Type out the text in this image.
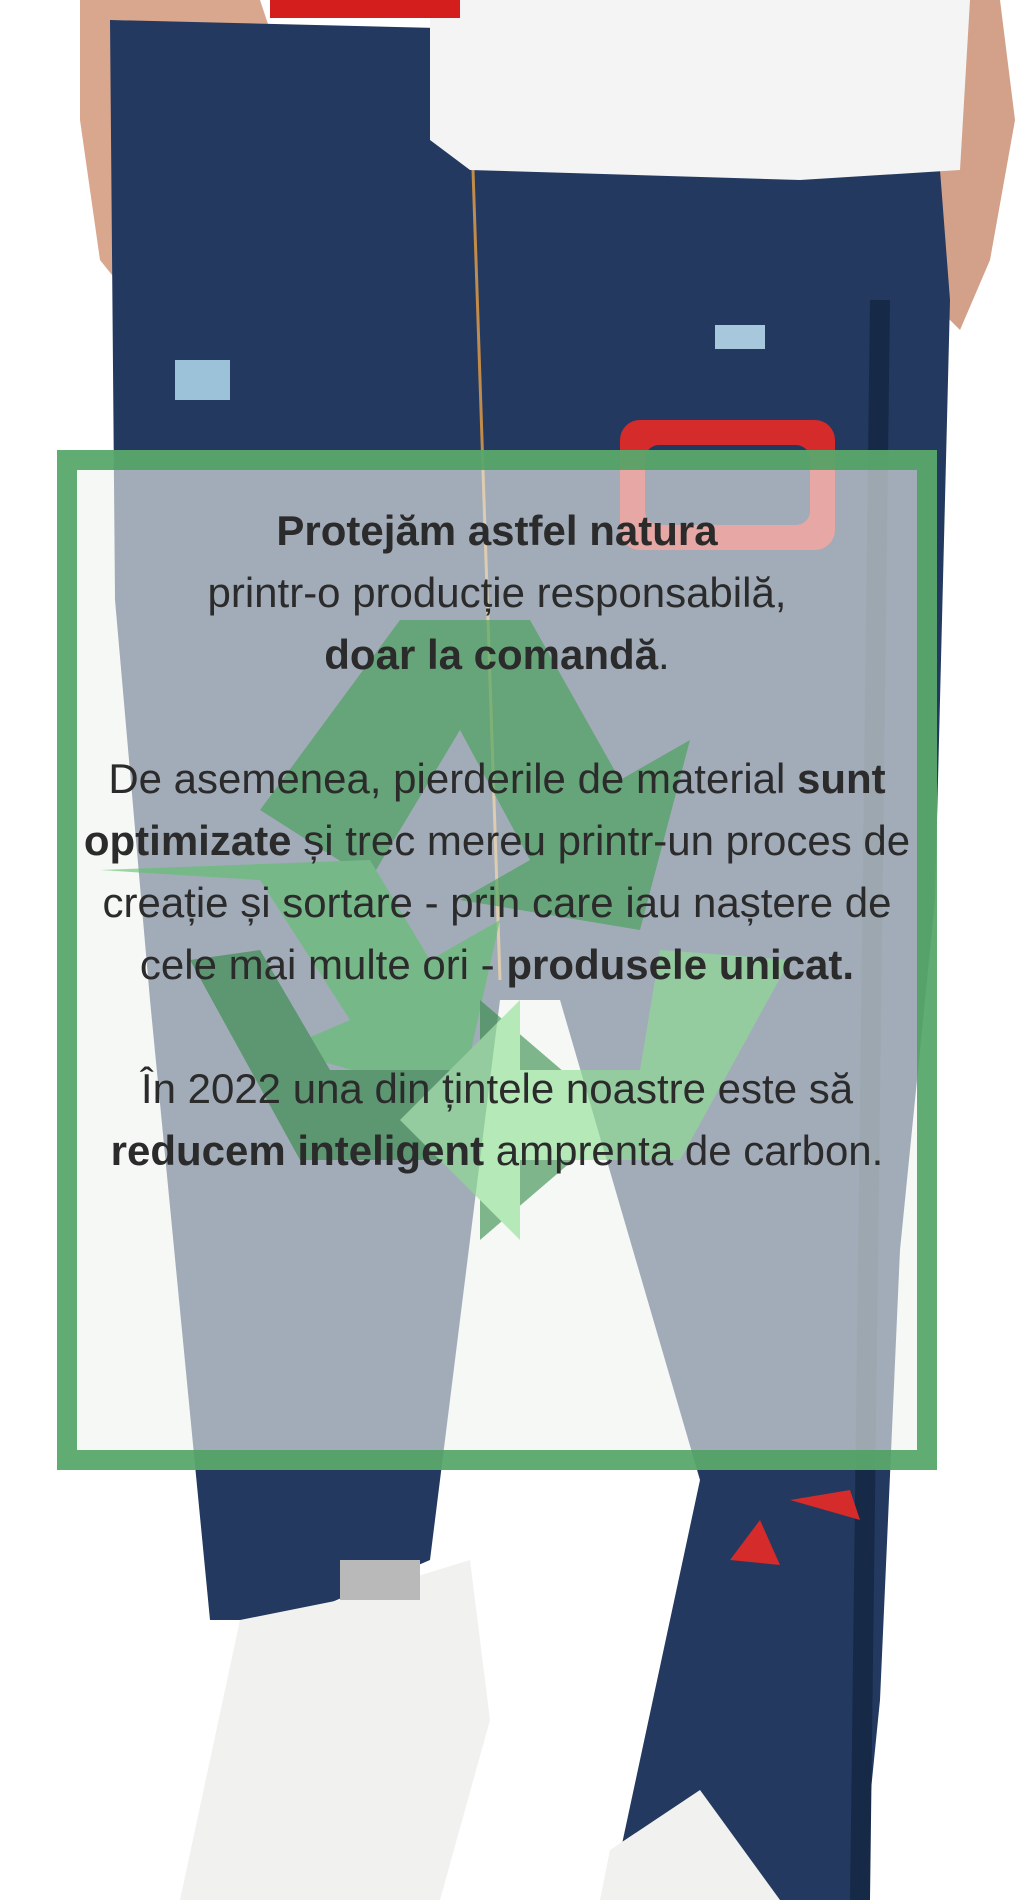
Protejăm astfel natura
printr-o producție responsabilă,
doar la comandă.

De asemenea, pierderile de material sunt optimizate și trec mereu printr-un proces de creație și sortare - prin care iau naștere de cele mai multe ori - produsele unicat.

În 2022 una din țintele noastre este să reducem inteligent amprenta de carbon.
